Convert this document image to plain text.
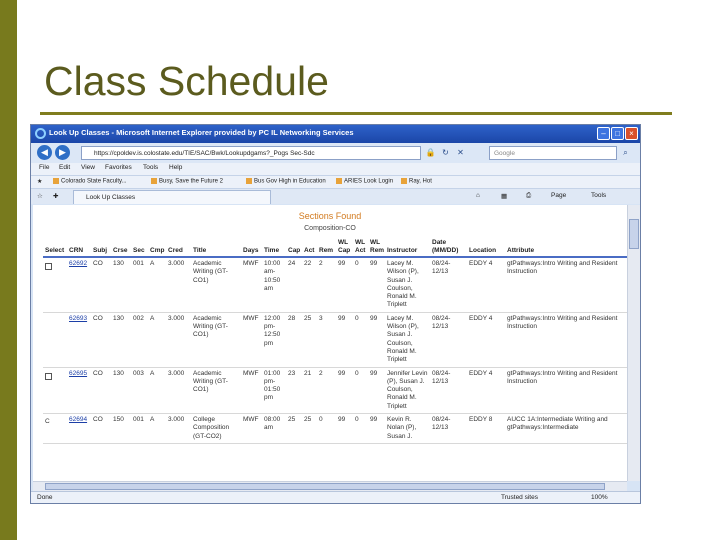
Class Schedule
Look Up Classes - Microsoft Internet Explorer provided by PC IL Networking Services	–	□	×
◀	▶	https://cpoldev.is.colostate.edu/TIE/SAC/Bwk/Lookupdgams?_Pogs Sec-Sdc	🔒 ↻	✕	Google	⌕
File Edit View Favorites Tools Help
★	Colorado State Faculty...	Busy, Save the Future 2	Bus Gov High in Education	ARIES Look Login	Ray, Hot
☆ ✚	Look Up Classes	⌂	▦	⎙	Page	Tools
Sections Found
Composition-CO
Select	CRN	Subj	Crse	Sec	Cmp	Cred	Title	Days	Time	Cap	Act	Rem	WL Cap	WL Act	WL Rem	Instructor	Date (MM/DD)	Location	Attribute
	62692	CO	130	001	A	3.000	Academic Writing (GT-CO1)	MWF	10:00 am-10:50 am	24	22	2	99	0	99	Lacey M. Wilson (P), Susan J. Coulson, Ronald M. Triplett	08/24-12/13	EDDY 4	gtPathways:Intro Writing and Resident Instruction
	62693	CO	130	002	A	3.000	Academic Writing (GT-CO1)	MWF	12:00 pm-12:50 pm	28	25	3	99	0	99	Lacey M. Wilson (P), Susan J. Coulson, Ronald M. Triplett	08/24-12/13	EDDY 4	gtPathways:Intro Writing and Resident Instruction
	62695	CO	130	003	A	3.000	Academic Writing (GT-CO1)	MWF	01:00 pm-01:50 pm	23	21	2	99	0	99	Jennifer Levin (P), Susan J. Coulson, Ronald M. Triplett	08/24-12/13	EDDY 4	gtPathways:Intro Writing and Resident Instruction
C	62694	CO	150	001	A	3.000	College Composition (GT-CO2)	MWF	08:00 am	25	25	0	99	0	99	Kevin R. Nolan (P), Susan J.	08/24-12/13	EDDY 8	AUCC 1A:Intermediate Writing and gtPathways:Intermediate
Done	Trusted sites	100%
